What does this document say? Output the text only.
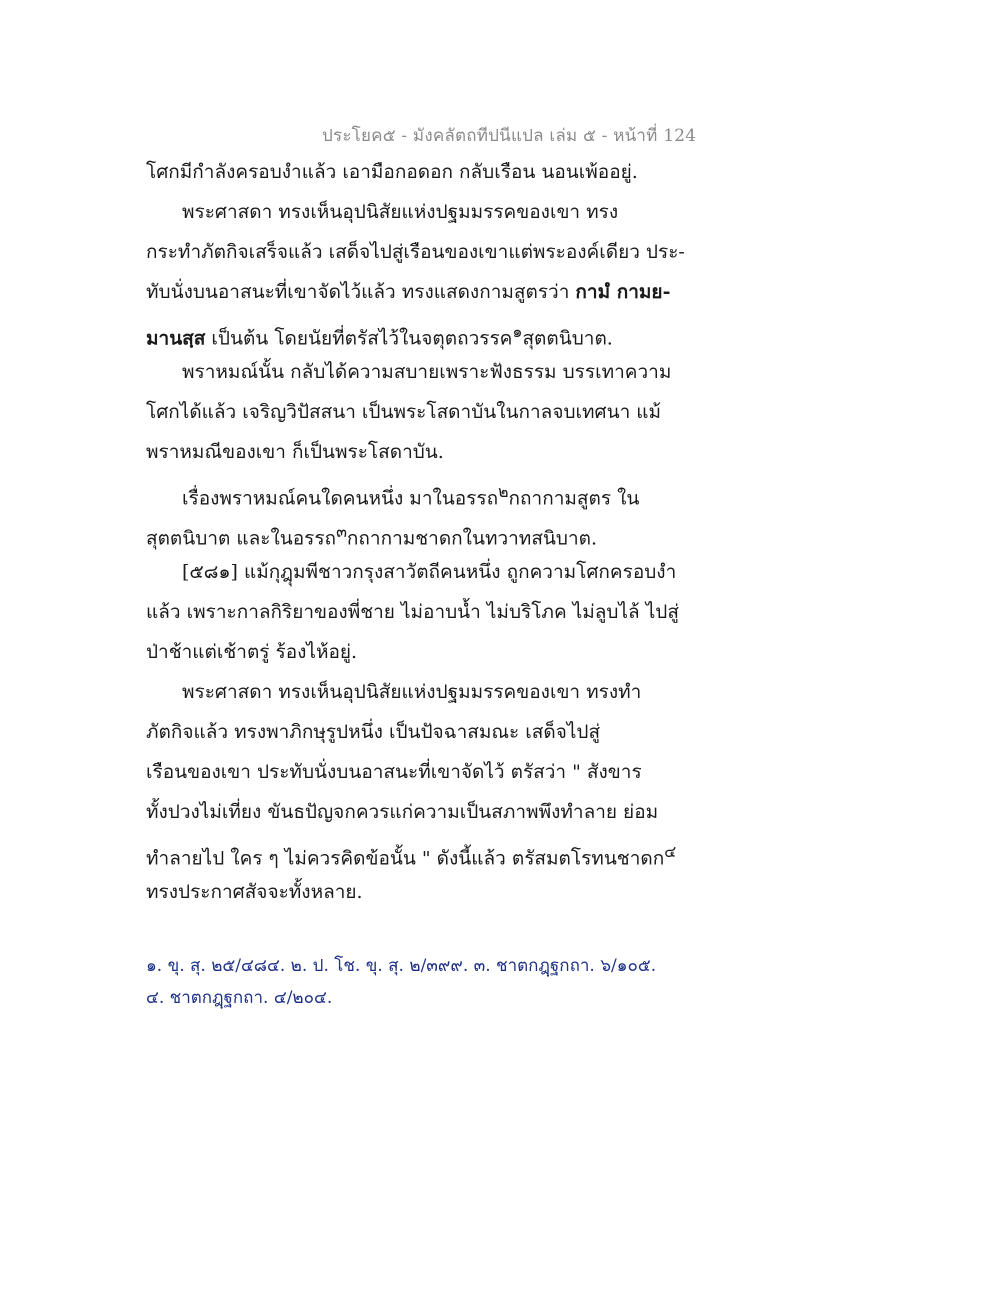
ประโยค๕ - มังคลัตถทีปนีแปล เล่ม ๕ - หน้าที่ 124
โศกมีกำลังครอบงำแล้ว เอามือกอดอก กลับเรือน นอนเพ้ออยู่.
พระศาสดา ทรงเห็นอุปนิสัยแห่งปฐมมรรคของเขา ทรง
กระทำภัตกิจเสร็จแล้ว เสด็จไปสู่เรือนของเขาแต่พระองค์เดียว ประ-
ทับนั่งบนอาสนะที่เขาจัดไว้แล้ว ทรงแสดงกามสูตรว่า กามํ กามย-
มานสฺส เป็นต้น โดยนัยที่ตรัสไว้ในจตุตถวรรค$^๑$สุตตนิบาต.
พราหมณ์นั้น กลับได้ความสบายเพราะฟังธรรม บรรเทาความ
โศกได้แล้ว เจริญวิปัสสนา เป็นพระโสดาบันในกาลจบเทศนา แม้
พราหมณีของเขา ก็เป็นพระโสดาบัน.
เรื่องพราหมณ์คนใดคนหนึ่ง มาในอรรถ$^๒$กถากามสูตร ใน
สุตตนิบาต และในอรรถ$^๓$กถากามชาดกในทวาทสนิบาต.
[๕๘๑] แม้กุฎุมพีชาวกรุงสาวัตถีคนหนึ่ง ถูกความโศกครอบงำ
แล้ว เพราะกาลกิริยาของพี่ชาย ไม่อาบน้ำ ไม่บริโภค ไม่ลูบไล้ ไปสู่
ป่าช้าแต่เช้าตรู่ ร้องไห้อยู่.
พระศาสดา ทรงเห็นอุปนิสัยแห่งปฐมมรรคของเขา ทรงทำ
ภัตกิจแล้ว ทรงพาภิกษุรูปหนึ่ง เป็นปัจฉาสมณะ เสด็จไปสู่
เรือนของเขา ประทับนั่งบนอาสนะที่เขาจัดไว้ ตรัสว่า " สังขาร
ทั้งปวงไม่เที่ยง ขันธปัญจกควรแก่ความเป็นสภาพพึงทำลาย ย่อม
ทำลายไป ใคร ๆ ไม่ควรคิดข้อนั้น " ดังนี้แล้ว ตรัสมตโรทนชาดก$^๔$
ทรงประกาศสัจจะทั้งหลาย.
๑. ขุ. สุ. ๒๕/๔๘๔. ๒. ป. โช. ขุ. สุ. ๒/๓๙๙. ๓. ชาตกฎฺฐกถา. ๖/๑๐๕.
๔. ชาตกฎฺฐกถา. ๔/๒๐๔.
